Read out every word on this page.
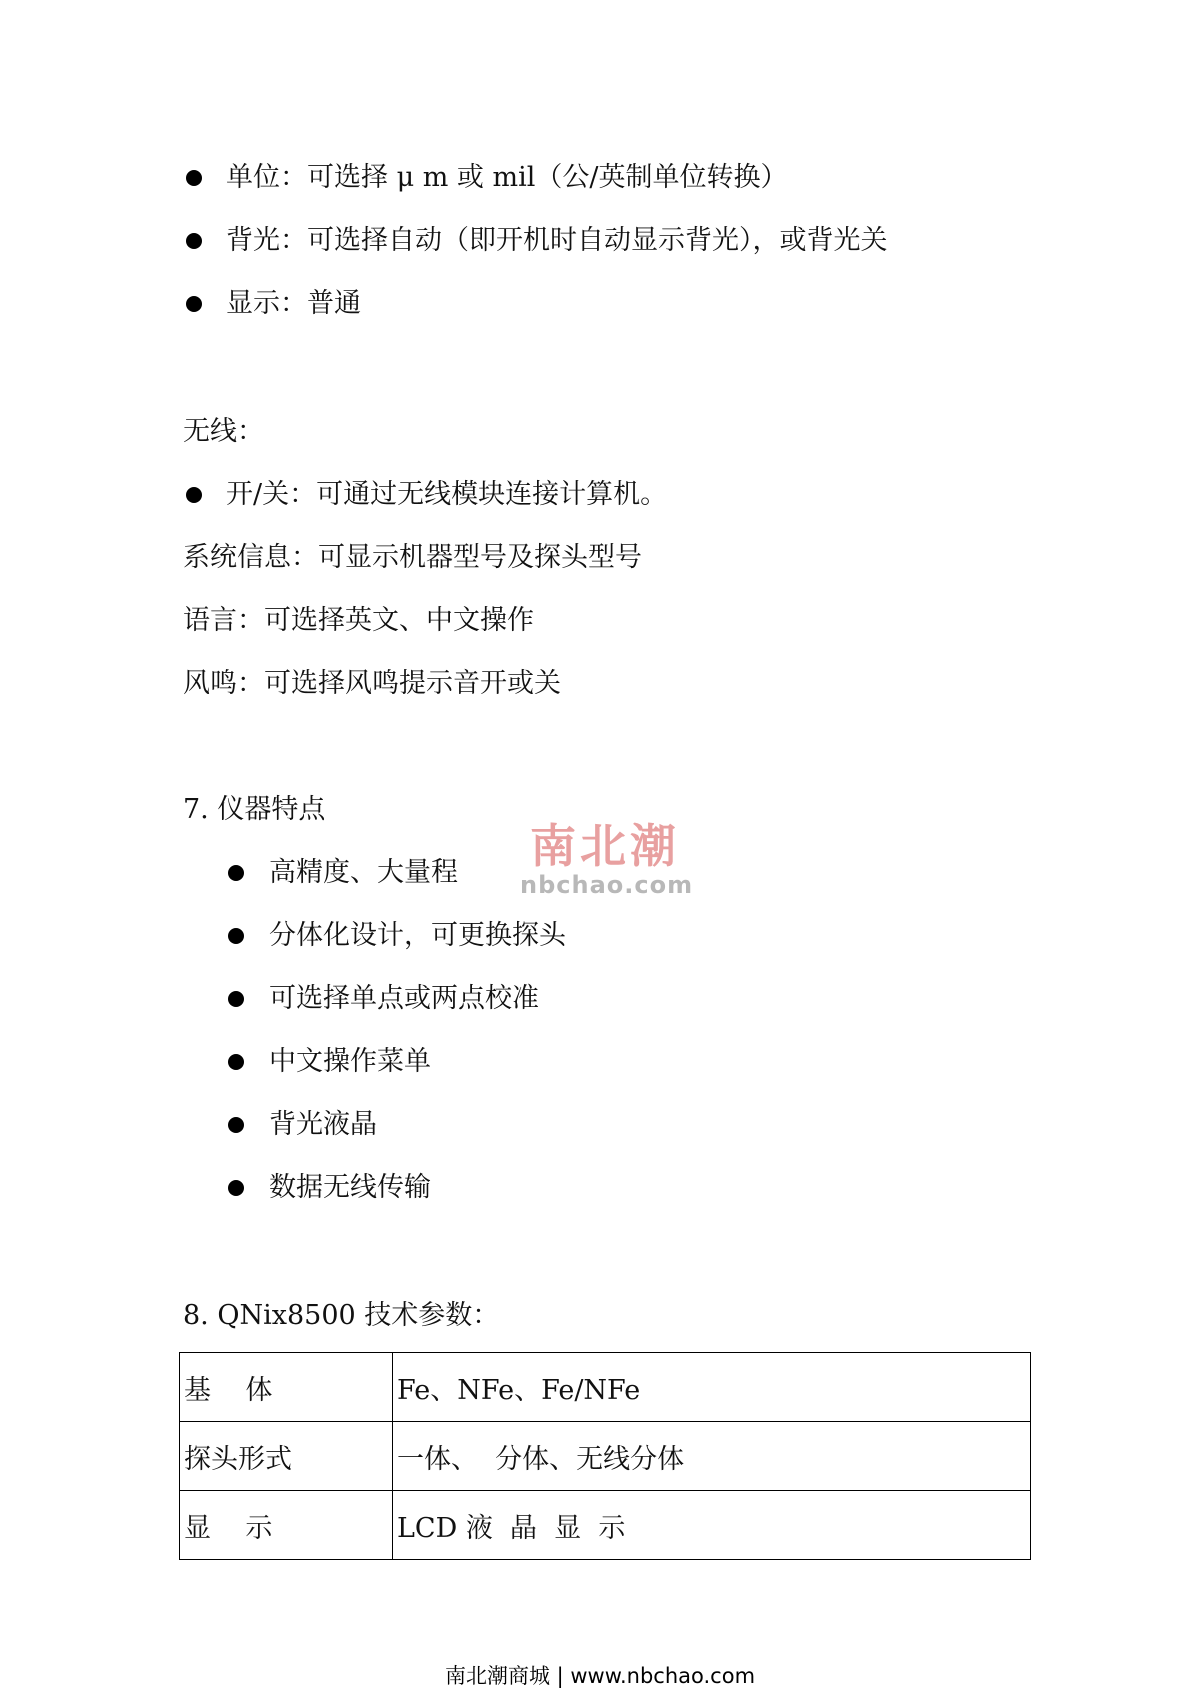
单位：可选择 μ m 或 mil（公/英制单位转换）
背光：可选择自动（即开机时自动显示背光），或背光关
显示：普通
无线：
开/关：可通过无线模块连接计算机。
系统信息：可显示机器型号及探头型号
语言：可选择英文、中文操作
风鸣：可选择风鸣提示音开或关
7. 仪器特点
高精度、大量程
分体化设计，可更换探头
可选择单点或两点校准
中文操作菜单
背光液晶
数据无线传输
南北潮
nbchao.com
8. QNix8500 技术参数：
基    体	Fe、NFe、Fe/NFe
探头形式	一体、  分体、无线分体
显    示	LCD 液  晶  显  示
南北潮商城 | www.nbchao.com
